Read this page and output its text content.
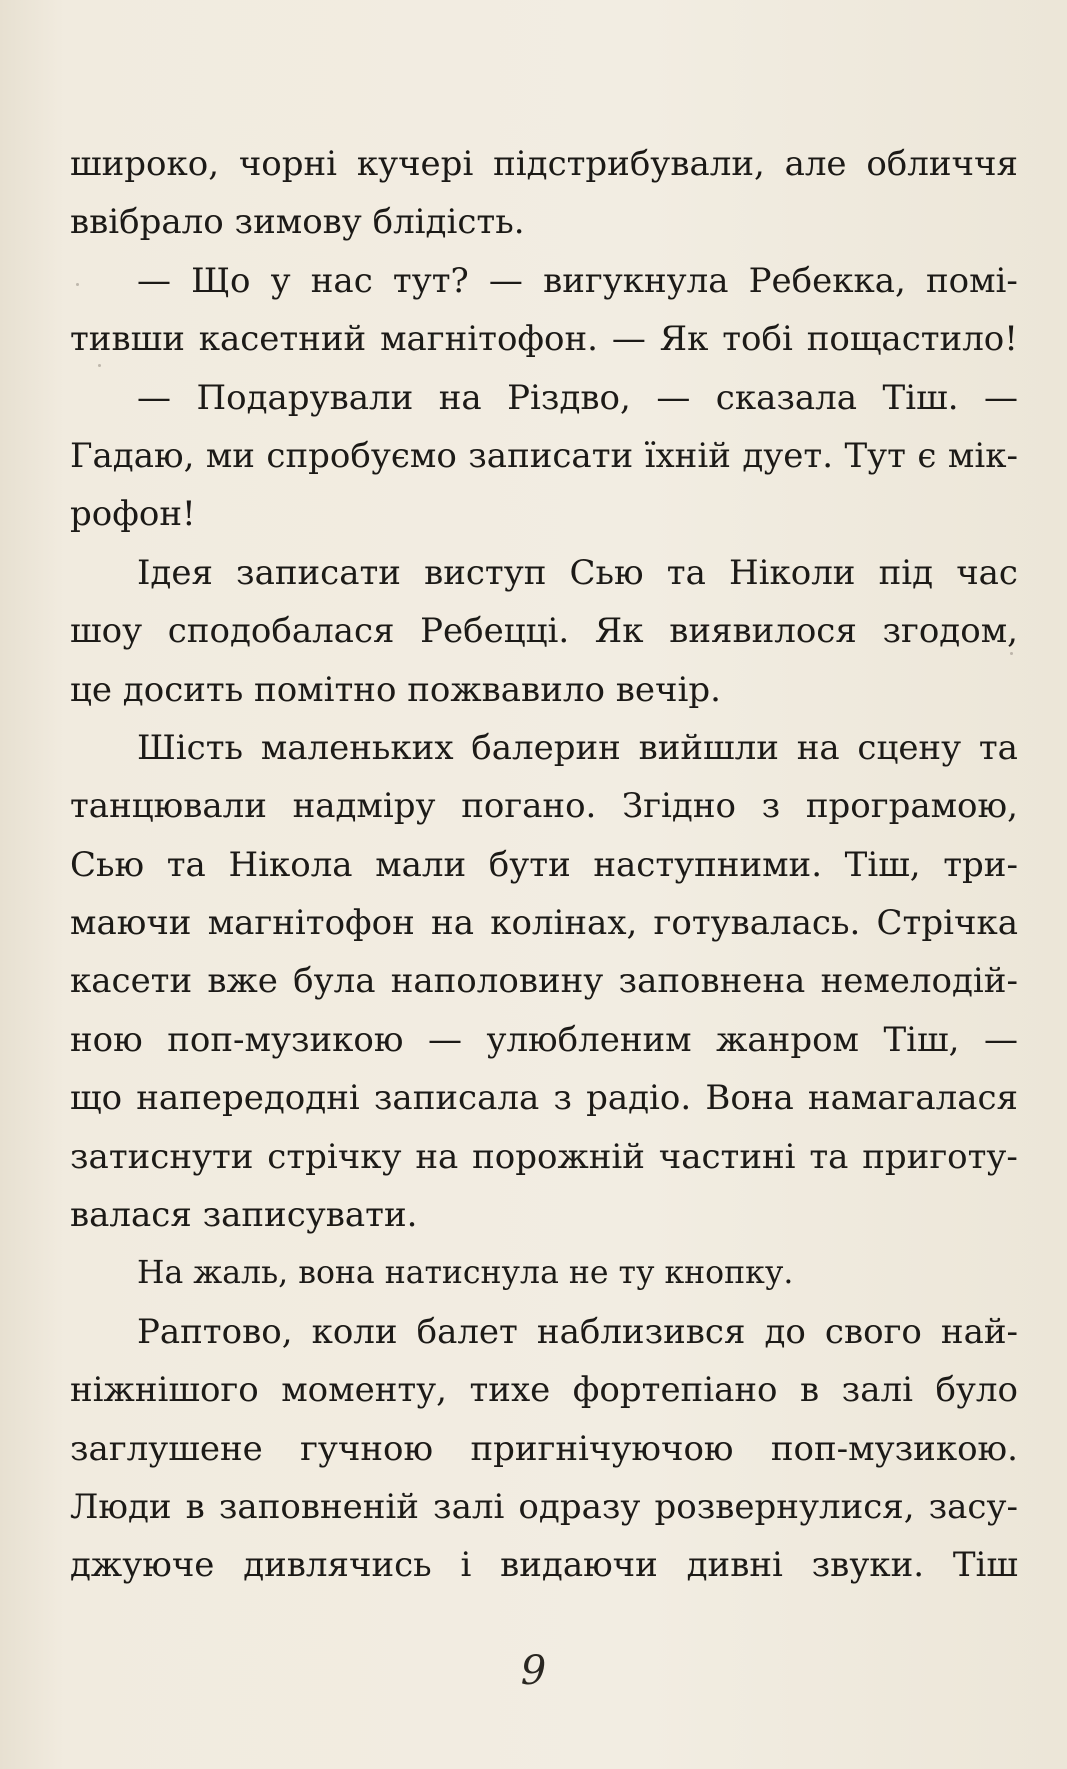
широко, чорні кучері підстрибували, але обличчя
ввібрало зимову блідість.
— Що у нас тут? — вигукнула Ребекка, помі-
тивши касетний магнітофон. — Як тобі пощастило!
— Подарували на Різдво, — сказала Тіш. —
Гадаю, ми спробуємо записати їхній дует. Тут є мік-
рофон!
Ідея записати виступ Сью та Ніколи під час
шоу сподобалася Ребецці. Як виявилося згодом,
це досить помітно пожвавило вечір.
Шість маленьких балерин вийшли на сцену та
танцювали надміру погано. Згідно з програмою,
Сью та Нікола мали бути наступними. Тіш, три-
маючи магнітофон на колінах, готувалась. Стрічка
касети вже була наполовину заповнена немелодій-
ною поп-музикою — улюбленим жанром Тіш, —
що напередодні записала з радіо. Вона намагалася
затиснути стрічку на порожній частині та приготу-
валася записувати.
На жаль, вона натиснула не ту кнопку.
Раптово, коли балет наблизився до свого най-
ніжнішого моменту, тихе фортепіано в залі було
заглушене гучною пригнічуючою поп-музикою.
Люди в заповненій залі одразу розвернулися, засу-
джуюче дивлячись і видаючи дивні звуки. Тіш
9
